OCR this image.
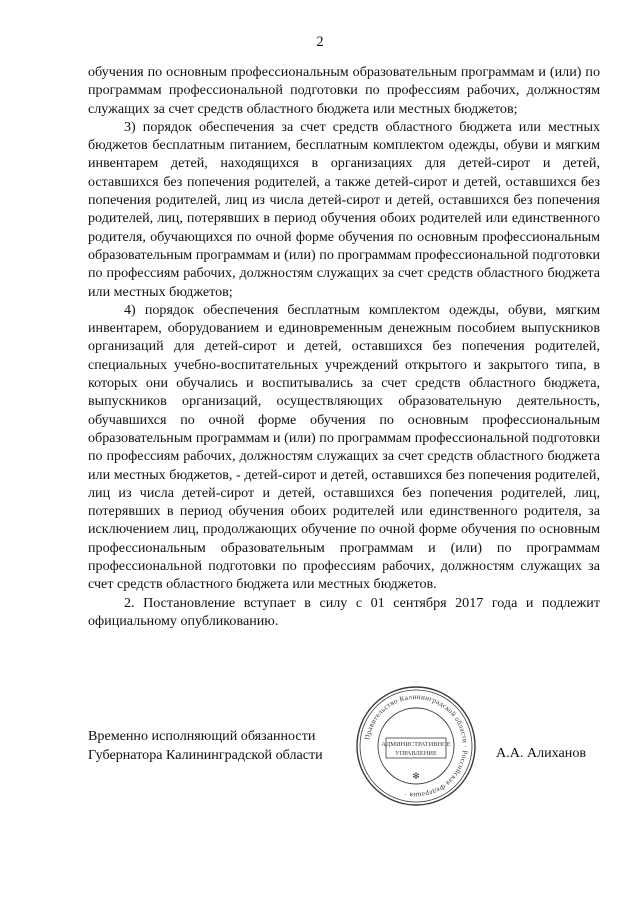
2

обучения по основным профессиональным образовательным программам и (или) по программам профессиональной подготовки по профессиям рабочих, должностям служащих за счет средств областного бюджета или местных бюджетов;

3) порядок обеспечения за счет средств областного бюджета или местных бюджетов бесплатным питанием, бесплатным комплектом одежды, обуви и мягким инвентарем детей, находящихся в организациях для детей-сирот и детей, оставшихся без попечения родителей, а также детей-сирот и детей, оставшихся без попечения родителей, лиц из числа детей-сирот и детей, оставшихся без попечения родителей, лиц, потерявших в период обучения обоих родителей или единственного родителя, обучающихся по очной форме обучения по основным профессиональным образовательным программам и (или) по программам профессиональной подготовки по профессиям рабочих, должностям служащих за счет средств областного бюджета или местных бюджетов;

4) порядок обеспечения бесплатным комплектом одежды, обуви, мягким инвентарем, оборудованием и единовременным денежным пособием выпускников организаций для детей-сирот и детей, оставшихся без попечения родителей, специальных учебно-воспитательных учреждений открытого и закрытого типа, в которых они обучались и воспитывались за счет средств областного бюджета, выпускников организаций, осуществляющих образовательную деятельность, обучавшихся по очной форме обучения по основным профессиональным образовательным программам и (или) по программам профессиональной подготовки по профессиям рабочих, должностям служащих за счет средств областного бюджета или местных бюджетов, - детей-сирот и детей, оставшихся без попечения родителей, лиц из числа детей-сирот и детей, оставшихся без попечения родителей, лиц, потерявших в период обучения обоих родителей или единственного родителя, за исключением лиц, продолжающих обучение по очной форме обучения по основным профессиональным образовательным программам и (или) по программам профессиональной подготовки по профессиям рабочих, должностям служащих за счет средств областного бюджета или местных бюджетов.

2. Постановление вступает в силу с 01 сентября 2017 года и подлежит официальному опубликованию.

Временно исполняющий обязанности
Губернатора Калининградской области
Правительство Калининградской области · Российская Федерация ·
АДМИНИСТРАТИВНОЕ
УПРАВЛЕНИЕ
✻
А.А. Алиханов
